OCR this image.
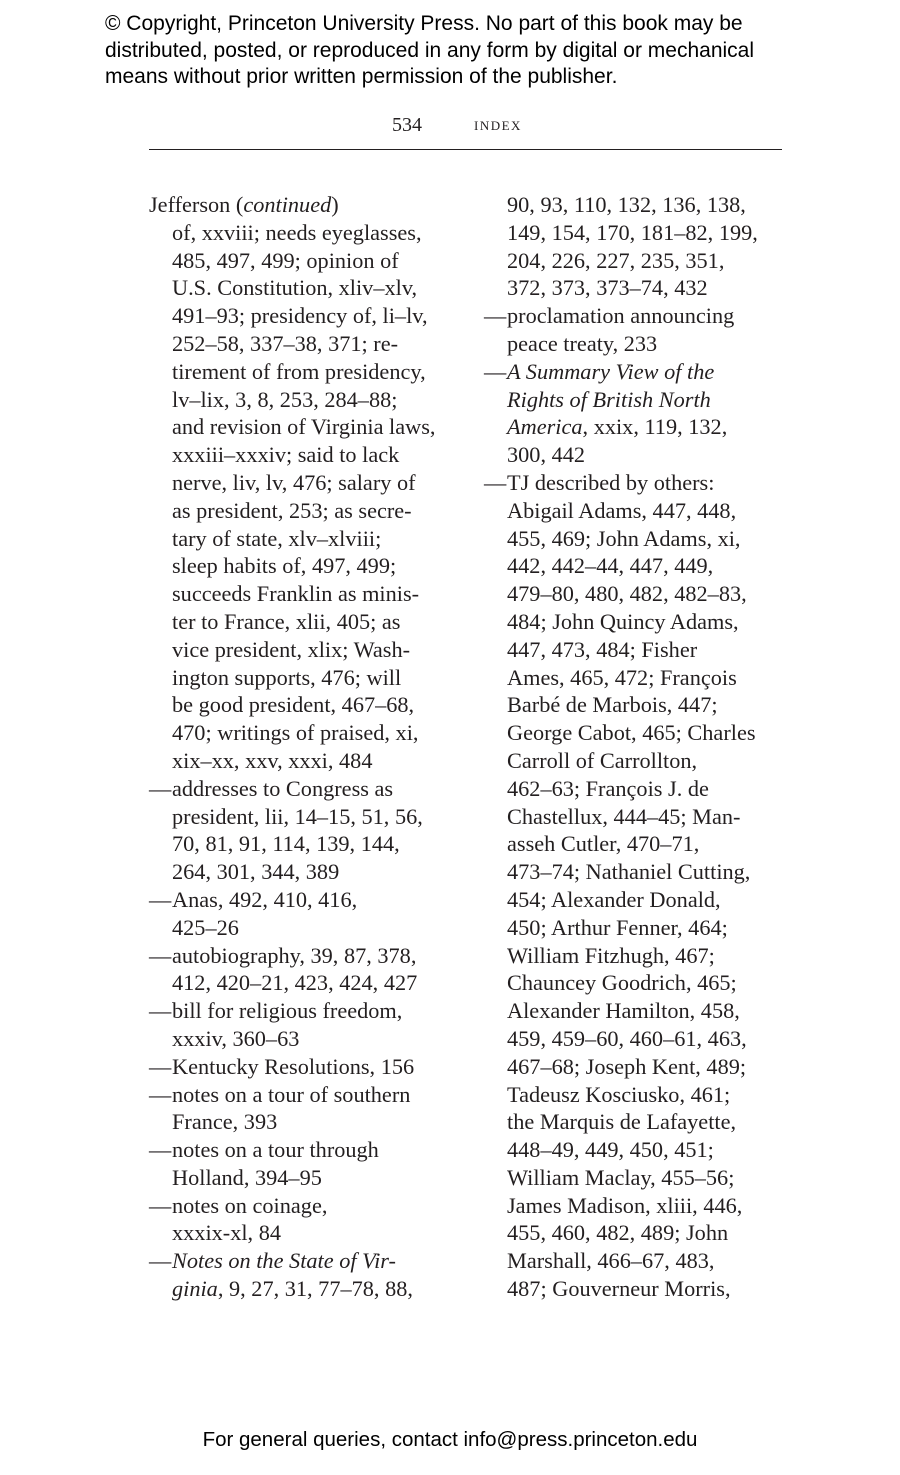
© Copyright, Princeton University Press. No part of this book may be
distributed, posted, or reproduced in any form by digital or mechanical
means without prior written permission of the publisher.
534	index
Jefferson (continued)
of, xxviii; needs eyeglasses,
485, 497, 499; opinion of
U.S. Constitution, xliv–xlv,
491–93; presidency of, li–lv,
252–58, 337–38, 371; re-
tirement of from presidency,
lv–lix, 3, 8, 253, 284–88;
and revision of Virginia laws,
xxxiii–xxxiv; said to lack
nerve, liv, lv, 476; salary of
as president, 253; as secre-
tary of state, xlv–xlviii;
sleep habits of, 497, 499;
succeeds Franklin as minis-
ter to France, xlii, 405; as
vice president, xlix; Wash-
ington supports, 476; will
be good president, 467–68,
470; writings of praised, xi,
xix–xx, xxv, xxxi, 484
—addresses to Congress as
president, lii, 14–15, 51, 56,
70, 81, 91, 114, 139, 144,
264, 301, 344, 389
—Anas, 492, 410, 416,
425–26
—autobiography, 39, 87, 378,
412, 420–21, 423, 424, 427
—bill for religious freedom,
xxxiv, 360–63
—Kentucky Resolutions, 156
—notes on a tour of southern
France, 393
—notes on a tour through
Holland, 394–95
—notes on coinage,
xxxix-xl, 84
—Notes on the State of Vir-
ginia, 9, 27, 31, 77–78, 88,
90, 93, 110, 132, 136, 138,
149, 154, 170, 181–82, 199,
204, 226, 227, 235, 351,
372, 373, 373–74, 432
—proclamation announcing
peace treaty, 233
—A Summary View of the
Rights of British North
America, xxix, 119, 132,
300, 442
—TJ described by others:
Abigail Adams, 447, 448,
455, 469; John Adams, xi,
442, 442–44, 447, 449,
479–80, 480, 482, 482–83,
484; John Quincy Adams,
447, 473, 484; Fisher
Ames, 465, 472; François
Barbé de Marbois, 447;
George Cabot, 465; Charles
Carroll of Carrollton,
462–63; François J. de
Chastellux, 444–45; Man-
asseh Cutler, 470–71,
473–74; Nathaniel Cutting,
454; Alexander Donald,
450; Arthur Fenner, 464;
William Fitzhugh, 467;
Chauncey Goodrich, 465;
Alexander Hamilton, 458,
459, 459–60, 460–61, 463,
467–68; Joseph Kent, 489;
Tadeusz Kosciusko, 461;
the Marquis de Lafayette,
448–49, 449, 450, 451;
William Maclay, 455–56;
James Madison, xliii, 446,
455, 460, 482, 489; John
Marshall, 466–67, 483,
487; Gouverneur Morris,
For general queries, contact info@press.princeton.edu
